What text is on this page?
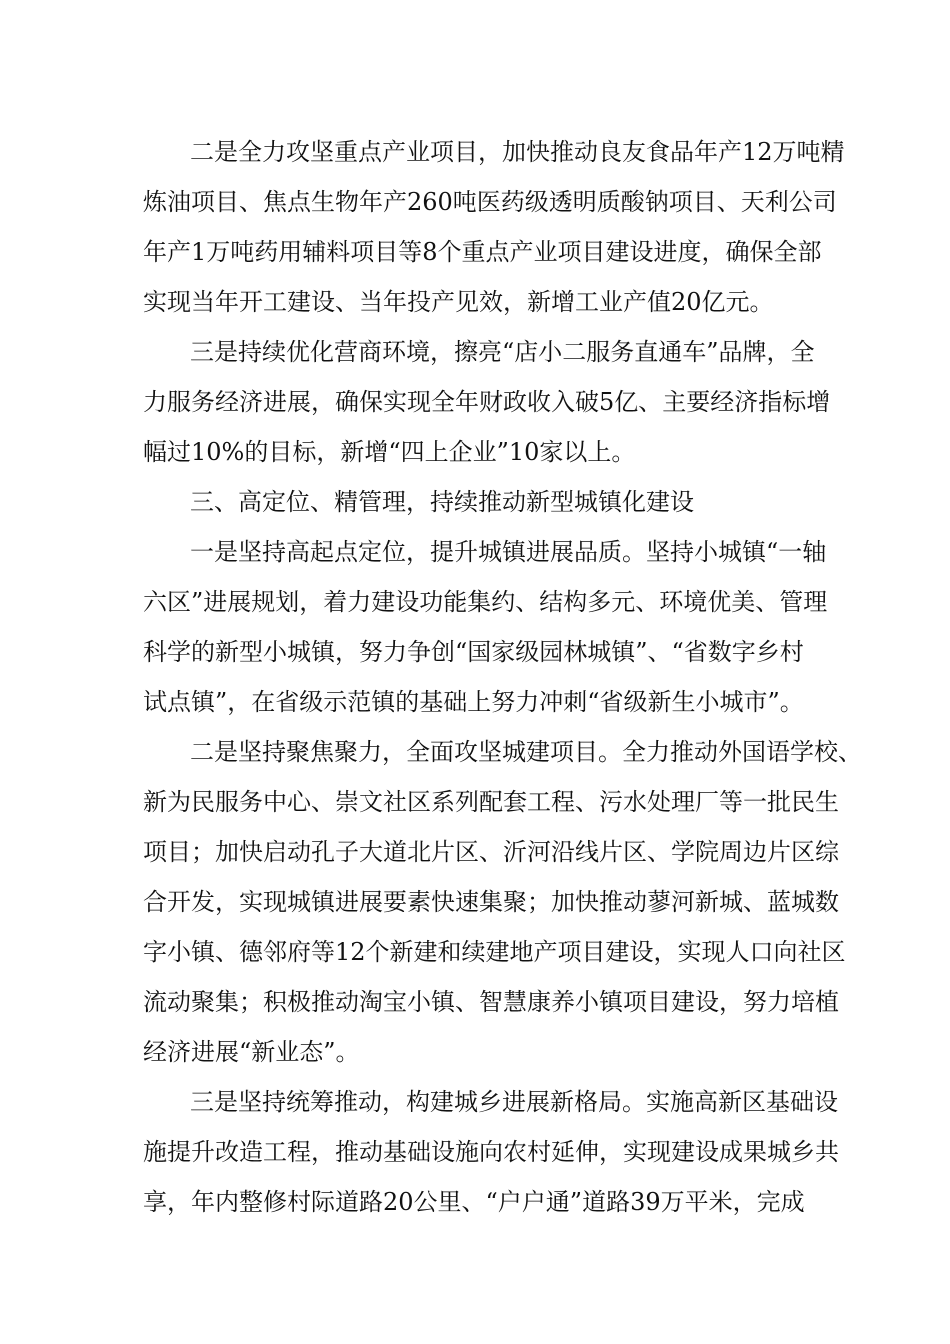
二是全力攻坚重点产业项目，加快推动良友食品年产12万吨精
炼油项目、焦点生物年产260吨医药级透明质酸钠项目、天利公司
年产1万吨药用辅料项目等8个重点产业项目建设进度，确保全部
实现当年开工建设、当年投产见效，新增工业产值20亿元。
三是持续优化营商环境，擦亮“店小二服务直通车”品牌，全
力服务经济进展，确保实现全年财政收入破5亿、主要经济指标增
幅过10%的目标，新增“四上企业”10家以上。
三、高定位、精管理，持续推动新型城镇化建设
一是坚持高起点定位，提升城镇进展品质。坚持小城镇“一轴
六区”进展规划，着力建设功能集约、结构多元、环境优美、管理
科学的新型小城镇，努力争创“国家级园林城镇”、“省数字乡村
试点镇”，在省级示范镇的基础上努力冲刺“省级新生小城市”。
二是坚持聚焦聚力，全面攻坚城建项目。全力推动外国语学校、
新为民服务中心、崇文社区系列配套工程、污水处理厂等一批民生
项目；加快启动孔子大道北片区、沂河沿线片区、学院周边片区综
合开发，实现城镇进展要素快速集聚；加快推动蓼河新城、蓝城数
字小镇、德邻府等12个新建和续建地产项目建设，实现人口向社区
流动聚集；积极推动淘宝小镇、智慧康养小镇项目建设，努力培植
经济进展“新业态”。
三是坚持统筹推动，构建城乡进展新格局。实施高新区基础设
施提升改造工程，推动基础设施向农村延伸，实现建设成果城乡共
享，年内整修村际道路20公里、“户户通”道路39万平米，完成
